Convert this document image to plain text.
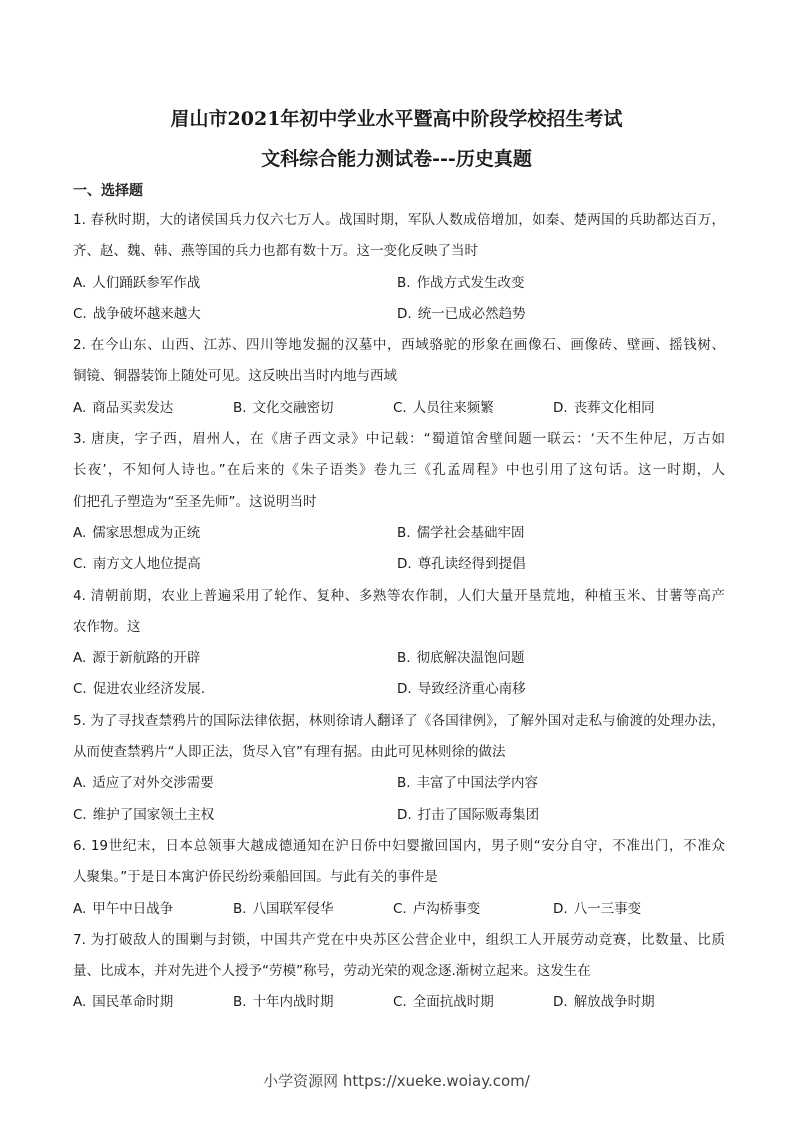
眉山市2021年初中学业水平暨高中阶段学校招生考试
文科综合能力测试卷---历史真题
一、选择题
1. 春秋时期，大的诸侯国兵力仅六七万人。战国时期，军队人数成倍增加，如秦、楚两国的兵助都达百万，
齐、赵、魏、韩、燕等国的兵力也都有数十万。这一变化反映了当时
A. 人们踊跃参军作战	B. 作战方式发生改变
C. 战争破坏越来越大	D. 统一已成必然趋势
2. 在今山东、山西、江苏、四川等地发掘的汉墓中，西域骆驼的形象在画像石、画像砖、壁画、摇钱树、
铜镜、铜器装饰上随处可见。这反映出当时内地与西域
A. 商品买卖发达	B. 文化交融密切	C. 人员往来频繁	D. 丧葬文化相同
3. 唐庚，字子西，眉州人，在《唐子西文录》中记载：“蜀道馆舍壁间题一联云：‘天不生仲尼，万古如
长夜’，不知何人诗也。”在后来的《朱子语类》卷九三《孔孟周程》中也引用了这句话。这一时期，人
们把孔子塑造为“至圣先师”。这说明当时
A. 儒家思想成为正统	B. 儒学社会基础牢固
C. 南方文人地位提高	D. 尊孔读经得到提倡
4. 清朝前期，农业上普遍采用了轮作、复种、多熟等农作制，人们大量开垦荒地，种植玉米、甘薯等高产
农作物。这
A. 源于新航路的开辟	B. 彻底解决温饱问题
C. 促进农业经济发展.	D. 导致经济重心南移
5. 为了寻找查禁鸦片的国际法律依据，林则徐请人翻译了《各国律例》，了解外国对走私与偷渡的处理办法，
从而使查禁鸦片“人即正法，货尽入官”有理有据。由此可见林则徐的做法
A. 适应了对外交涉需要	B. 丰富了中国法学内容
C. 维护了国家领土主权	D. 打击了国际贩毒集团
6. 19世纪末，日本总领事大越成德通知在沪日侨中妇婴撤回国内，男子则“安分自守，不准出门，不准众
人聚集。”于是日本寓沪侨民纷纷乘船回国。与此有关的事件是
A. 甲午中日战争	B. 八国联军侵华	C. 卢沟桥事变	D. 八一三事变
7. 为打破敌人的围剿与封锁，中国共产党在中央苏区公营企业中，组织工人开展劳动竞赛，比数量、比质
量、比成本，并对先进个人授予“劳模”称号，劳动光荣的观念逐.渐树立起来。这发生在
A. 国民革命时期	B. 十年内战时期	C. 全面抗战时期	D. 解放战争时期
小学资源网 https://xueke.woiay.com/
